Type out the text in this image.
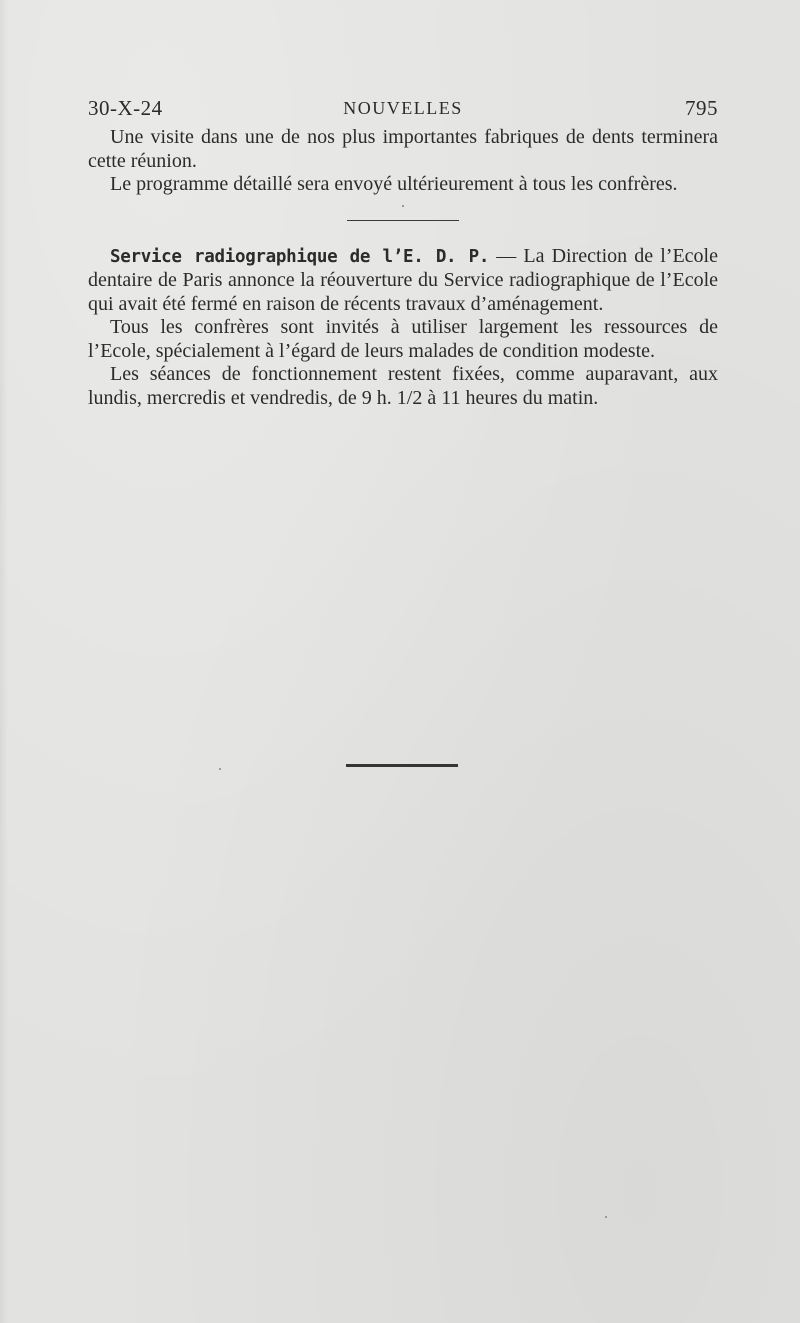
30-X-24	NOUVELLES	795

Une visite dans une de nos plus importantes fabriques de dents terminera cette réunion.

Le programme détaillé sera envoyé ultérieurement à tous les confrères.

Service radiographique de l’E. D. P. — La Direction de l’Ecole dentaire de Paris annonce la réouverture du Service radiographique de l’Ecole qui avait été fermé en raison de récents travaux d’aménagement.

Tous les confrères sont invités à utiliser largement les ressources de l’Ecole, spécialement à l’égard de leurs malades de condition modeste.

Les séances de fonctionnement restent fixées, comme auparavant, aux lundis, mercredis et vendredis, de 9 h. 1/2 à 11 heures du matin.
